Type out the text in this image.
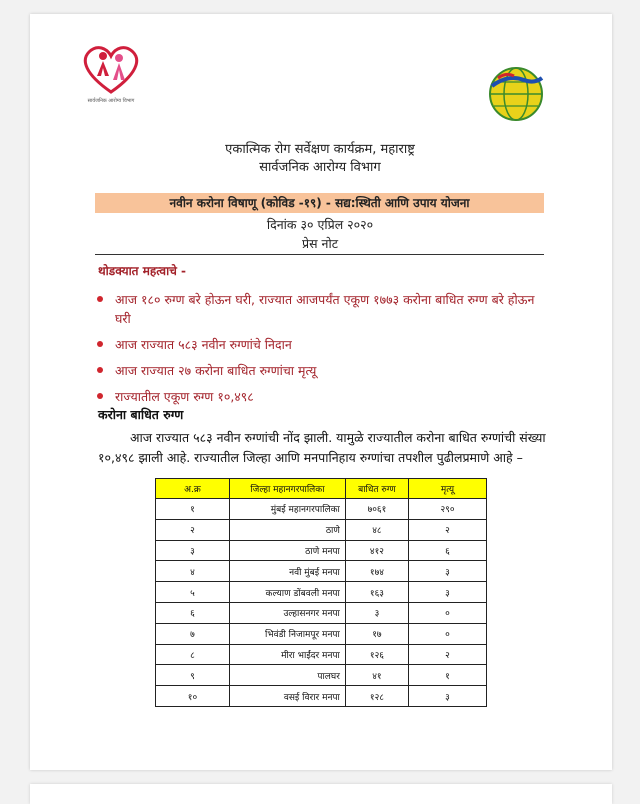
सार्वजनिक आरोग्य विभाग
एकात्मिक रोग सर्वेक्षण कार्यक्रम, महाराष्ट्र
सार्वजनिक आरोग्य विभाग
नवीन करोना विषाणू (कोविड -१९) - सद्य:स्थिती आणि उपाय योजना
दिनांक ३० एप्रिल २०२०
प्रेस नोट
थोडक्यात महत्वाचे -
आज १८० रुग्ण बरे होऊन घरी, राज्यात आजपर्यंत एकूण १७७३ करोना बाधित रुग्ण बरे होऊन घरी
आज राज्यात ५८३ नवीन रुग्णांचे निदान
आज राज्यात २७ करोना बाधित रुग्णांचा मृत्यू
राज्यातील एकूण रुग्ण १०,४९८
करोना बाधित रुग्ण
आज राज्यात ५८३ नवीन रुग्णांची नोंद झाली. यामुळे राज्यातील करोना बाधित रुग्णांची संख्या १०,४९८ झाली आहे. राज्यातील जिल्हा आणि मनपानिहाय रुग्णांचा तपशील पुढीलप्रमाणे आहे –
अ.क्र	जिल्हा महानगरपालिका	बाधित रुग्ण	मृत्यू
१	मुंबई महानगरपालिका	७०६१	२९०
२	ठाणे	४८	२
३	ठाणे मनपा	४१२	६
४	नवी मुंबई मनपा	१७४	३
५	कल्याण डोंबवली मनपा	१६३	३
६	उल्हासनगर मनपा	३	०
७	भिवंडी निजामपूर मनपा	१७	०
८	मीरा भाईंदर मनपा	१२६	२
९	पालघर	४१	१
१०	वसई विरार मनपा	१२८	३
